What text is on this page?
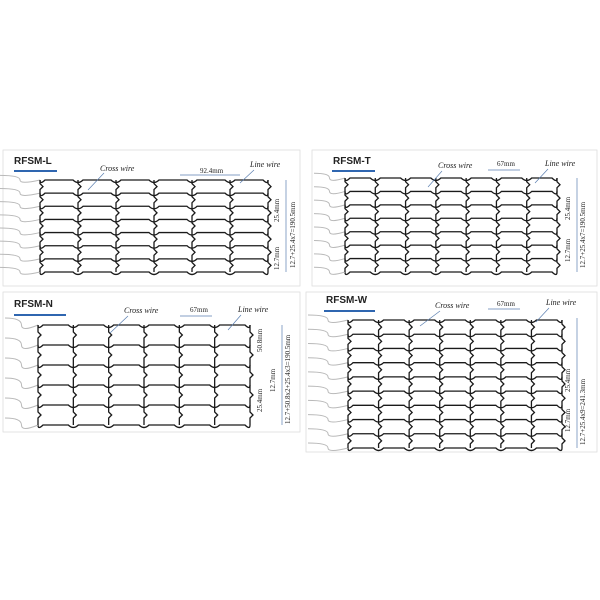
RFSM-L
Cross wire	92.4mm
Line wire
25.4mm
12.7mm 12.7+25.4x7=190.5mm
RFSM-T	Cross wire	67mm	Line wire
25.4mm
12.7mm 12.7+25.4x7=190.5mm
RFSM-N
Cross wire	67mm	Line wire
50.8mm
25.4mm
12.7mm 12.7+50.8x2+25.4x3=190.5mm
RFSM-W	Cross wire	67mm	Line wire
25.4mm
12.7mm 12.7+25.4x9=241.3mm
